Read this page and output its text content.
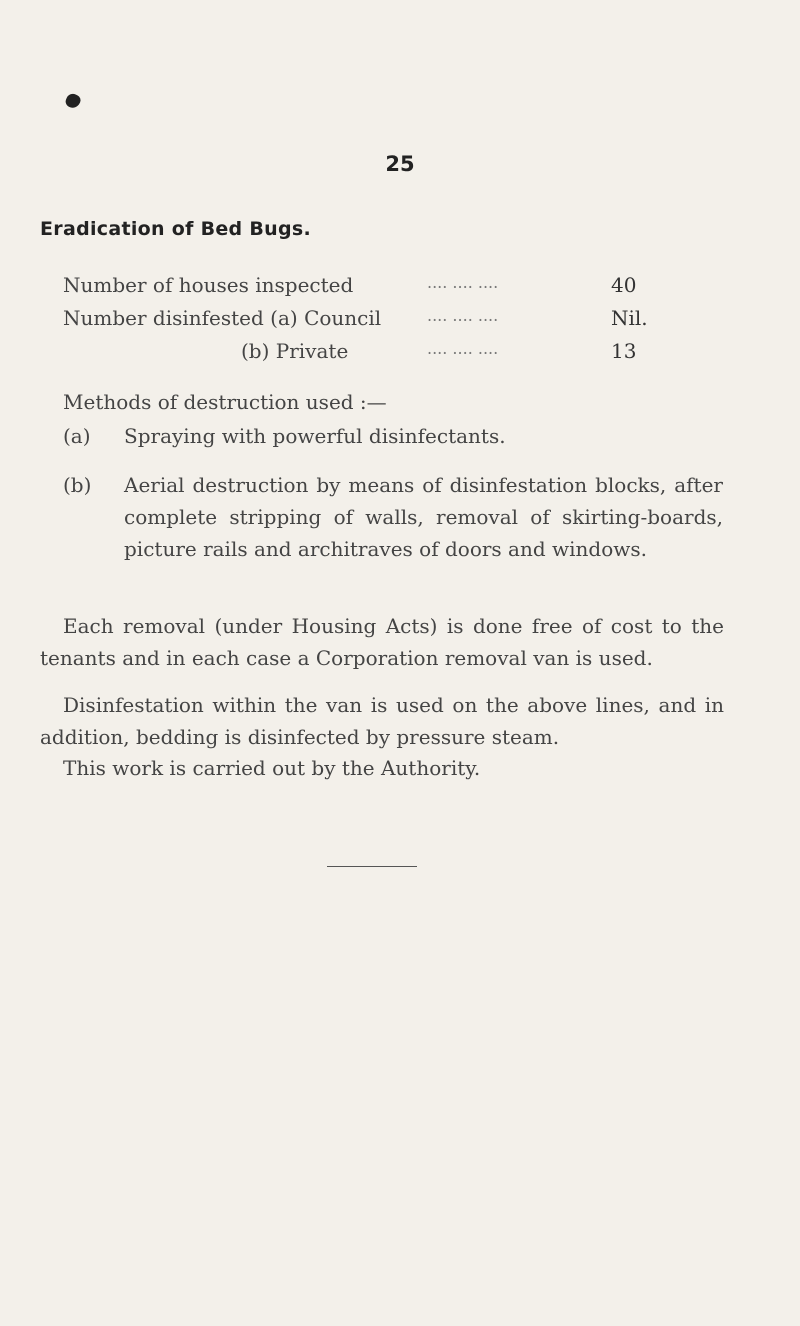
25
Eradication of Bed Bugs.
Number of houses inspected	.... .... ....	40
Number disinfested (a) Council	.... .... ....	Nil.
(b) Private	.... .... ....	13
Methods of destruction used :—
(a) Spraying with powerful disinfectants.
(b) Aerial destruction by means of disinfestation blocks, after complete stripping of walls, removal of skirting-boards, picture rails and architraves of doors and windows.
Each removal (under Housing Acts) is done free of cost to the tenants and in each case a Corporation removal van is used.
Disinfestation within the van is used on the above lines, and in addition, bedding is disinfected by pressure steam.
This work is carried out by the Authority.
